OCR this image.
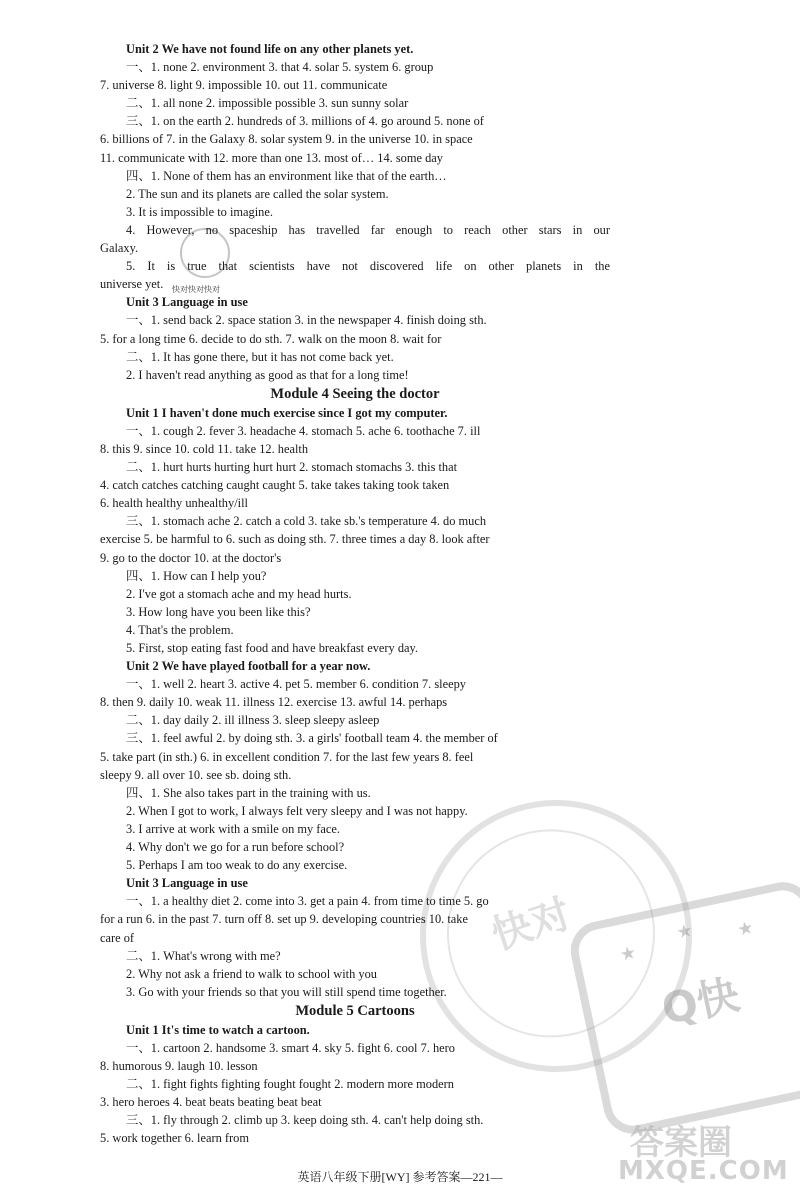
快对 ★
★ ★
Q快
Unit 2 We have not found life on any other planets yet.
一、1. none 2. environment 3. that 4. solar 5. system 6. group
7. universe 8. light 9. impossible 10. out 11. communicate
二、1. all none 2. impossible possible 3. sun sunny solar
三、1. on the earth 2. hundreds of 3. millions of 4. go around 5. none of
6. billions of 7. in the Galaxy 8. solar system 9. in the universe 10. in space
11. communicate with 12. more than one 13. most of… 14. some day
四、1. None of them has an environment like that of the earth…
2. The sun and its planets are called the solar system.
3. It is impossible to imagine.
4. However, no spaceship has travelled far enough to reach other stars in our
Galaxy.
5. It is true that scientists have not discovered life on other planets in the
universe yet.
Unit 3 Language in use
一、1. send back 2. space station 3. in the newspaper 4. finish doing sth.
5. for a long time 6. decide to do sth. 7. walk on the moon 8. wait for
二、1. It has gone there, but it has not come back yet.
2. I haven't read anything as good as that for a long time!
Module 4 Seeing the doctor
Unit 1 I haven't done much exercise since I got my computer.
一、1. cough 2. fever 3. headache 4. stomach 5. ache 6. toothache 7. ill
8. this 9. since 10. cold 11. take 12. health
二、1. hurt hurts hurting hurt hurt 2. stomach stomachs 3. this that
4. catch catches catching caught caught 5. take takes taking took taken
6. health healthy unhealthy/ill
三、1. stomach ache 2. catch a cold 3. take sb.'s temperature 4. do much
exercise 5. be harmful to 6. such as doing sth. 7. three times a day 8. look after
9. go to the doctor 10. at the doctor's
四、1. How can I help you?
2. I've got a stomach ache and my head hurts.
3. How long have you been like this?
4. That's the problem.
5. First, stop eating fast food and have breakfast every day.
Unit 2 We have played football for a year now.
一、1. well 2. heart 3. active 4. pet 5. member 6. condition 7. sleepy
8. then 9. daily 10. weak 11. illness 12. exercise 13. awful 14. perhaps
二、1. day daily 2. ill illness 3. sleep sleepy asleep
三、1. feel awful 2. by doing sth. 3. a girls' football team 4. the member of
5. take part (in sth.) 6. in excellent condition 7. for the last few years 8. feel
sleepy 9. all over 10. see sb. doing sth.
四、1. She also takes part in the training with us.
2. When I got to work, I always felt very sleepy and I was not happy.
3. I arrive at work with a smile on my face.
4. Why don't we go for a run before school?
5. Perhaps I am too weak to do any exercise.
Unit 3 Language in use
一、1. a healthy diet 2. come into 3. get a pain 4. from time to time 5. go
for a run 6. in the past 7. turn off 8. set up 9. developing countries 10. take
care of
二、1. What's wrong with me?
2. Why not ask a friend to walk to school with you
3. Go with your friends so that you will still spend time together.
Module 5 Cartoons
Unit 1 It's time to watch a cartoon.
一、1. cartoon 2. handsome 3. smart 4. sky 5. fight 6. cool 7. hero
8. humorous 9. laugh 10. lesson
二、1. fight fights fighting fought fought 2. modern more modern
3. hero heroes 4. beat beats beating beat beat
三、1. fly through 2. climb up 3. keep doing sth. 4. can't help doing sth.
5. work together 6. learn from
快对快对快对
答案圈
MXQE.COM
英语八年级下册[WY] 参考答案—221—
